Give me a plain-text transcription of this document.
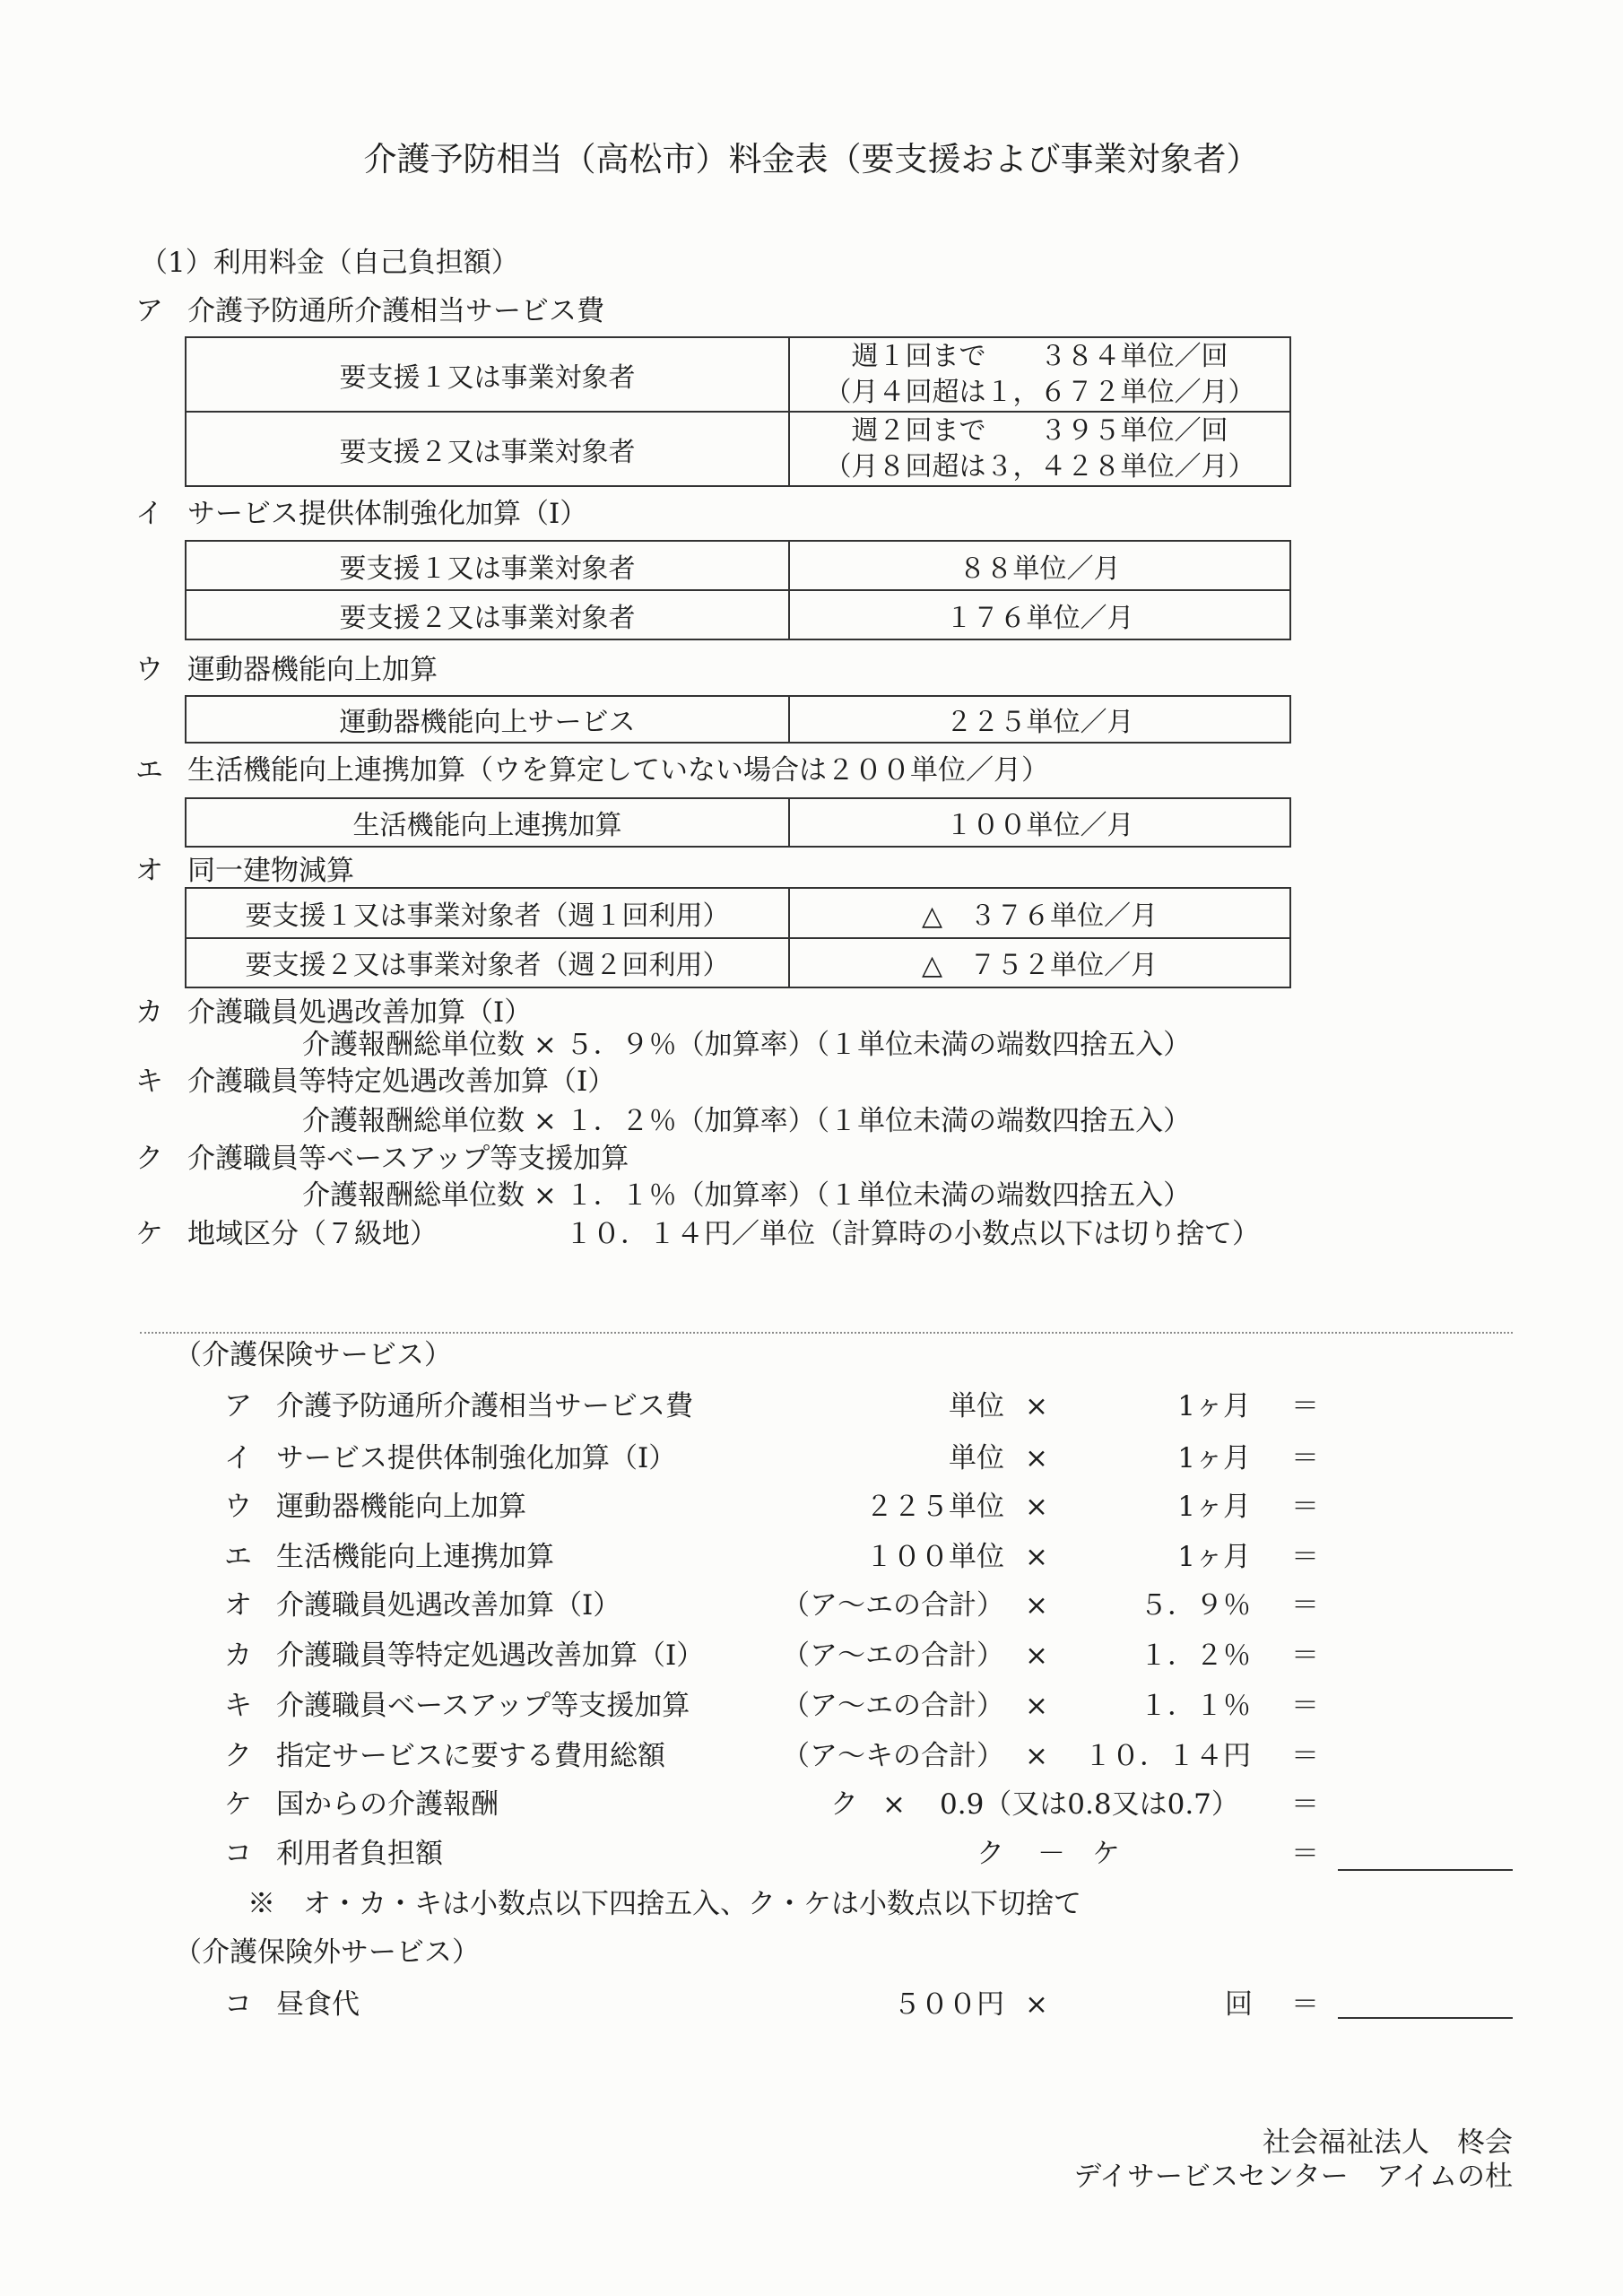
介護予防相当（高松市）料金表（要支援および事業対象者）
（1）利用料金（自己負担額）
ア 介護予防通所介護相当サービス費
要支援１又は事業対象者
週１回まで　　３８４単位／回
（月４回超は１，６７２単位／月）
要支援２又は事業対象者
週２回まで　　３９５単位／回
（月８回超は３，４２８単位／月）
イ サービス提供体制強化加算（Ⅰ）
要支援１又は事業対象者	８８単位／月
要支援２又は事業対象者	１７６単位／月
ウ 運動器機能向上加算
運動器機能向上サービス	２２５単位／月
エ 生活機能向上連携加算（ウを算定していない場合は２００単位／月）
生活機能向上連携加算	１００単位／月
オ 同一建物減算
要支援１又は事業対象者（週１回利用）	△　３７６単位／月
要支援２又は事業対象者（週２回利用）	△　７５２単位／月
カ 介護職員処遇改善加算（Ⅰ）
介護報酬総単位数 × ５．９％（加算率）（１単位未満の端数四捨五入）
キ 介護職員等特定処遇改善加算（Ⅰ）
介護報酬総単位数 × １．２％（加算率）（１単位未満の端数四捨五入）
ク 介護職員等ベースアップ等支援加算
介護報酬総単位数 × １．１％（加算率）（１単位未満の端数四捨五入）
ケ 地域区分（７級地）	１０．１４円／単位（計算時の小数点以下は切り捨て）
（介護保険サービス）
ア 介護予防通所介護相当サービス費	単位 ×	1ヶ月 ＝
イ サービス提供体制強化加算（Ⅰ）	単位 ×	1ヶ月 ＝
ウ 運動器機能向上加算	２２５単位 ×	1ヶ月 ＝
エ 生活機能向上連携加算	１００単位 ×	1ヶ月 ＝
オ 介護職員処遇改善加算（Ⅰ）	（ア～エの合計） ×	５．９％ ＝
カ 介護職員等特定処遇改善加算（Ⅰ）	（ア～エの合計） ×	１．２％ ＝
キ 介護職員ベースアップ等支援加算	（ア～エの合計） ×	１．１％ ＝
ク 指定サービスに要する費用総額	（ア～キの合計） × １０．１４円 ＝
ケ 国からの介護報酬	ク × 0.9（又は0.8又は0.7） ＝
コ 利用者負担額	ク － ケ	＝
※　オ・カ・キは小数点以下四捨五入、ク・ケは小数点以下切捨て
（介護保険外サービス）
コ 昼食代	５００円 ×	回 ＝
社会福祉法人　柊会
デイサービスセンター　アイムの杜
